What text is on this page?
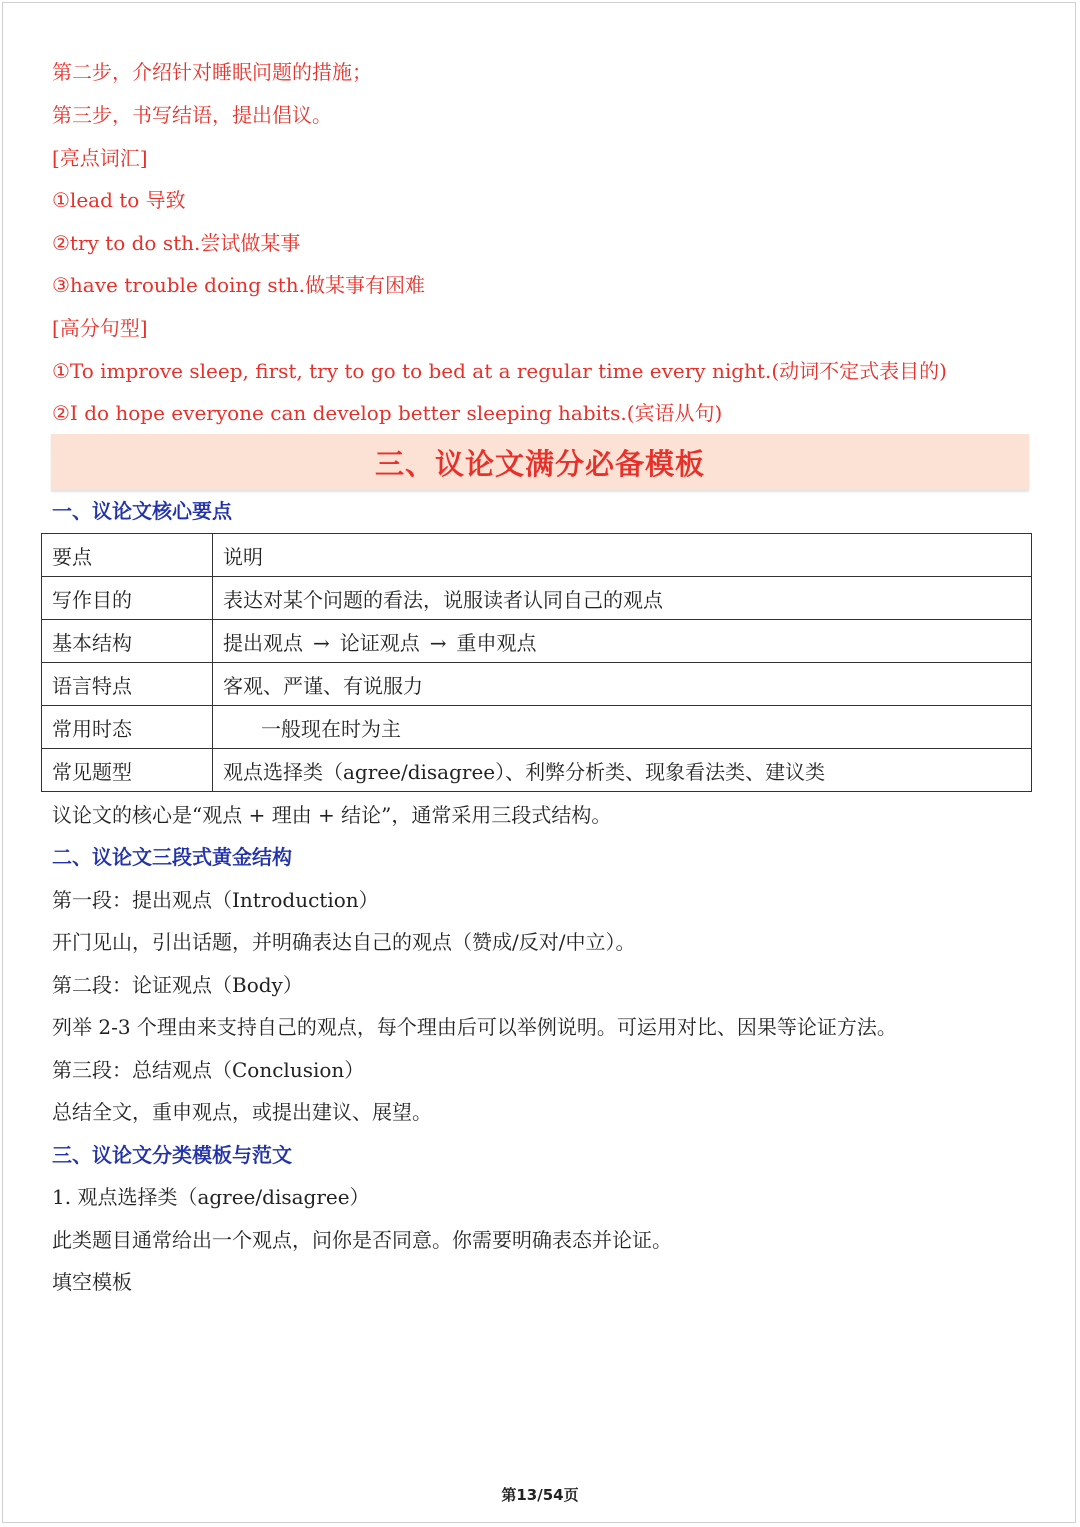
第二步，介绍针对睡眠问题的措施；
第三步，书写结语，提出倡议。
[亮点词汇]
①lead to 导致
②try to do sth.尝试做某事
③have trouble doing sth.做某事有困难
[高分句型]
①To improve sleep, first, try to go to bed at a regular time every night.(动词不定式表目的)
②I do hope everyone can develop better sleeping habits.(宾语从句)
三、议论文满分必备模板
一、议论文核心要点
要点	说明
写作目的	表达对某个问题的看法，说服读者认同自己的观点
基本结构	提出观点 → 论证观点 → 重申观点
语言特点	客观、严谨、有说服力
常用时态	一般现在时为主
常见题型	观点选择类（agree/disagree）、利弊分析类、现象看法类、建议类
议论文的核心是“观点 + 理由 + 结论”，通常采用三段式结构。
二、议论文三段式黄金结构
第一段：提出观点（Introduction）
开门见山，引出话题，并明确表达自己的观点（赞成/反对/中立）。
第二段：论证观点（Body）
列举 2-3 个理由来支持自己的观点，每个理由后可以举例说明。可运用对比、因果等论证方法。
第三段：总结观点（Conclusion）
总结全文，重申观点，或提出建议、展望。
三、议论文分类模板与范文
1. 观点选择类（agree/disagree）
此类题目通常给出一个观点，问你是否同意。你需要明确表态并论证。
填空模板
第13/54页
